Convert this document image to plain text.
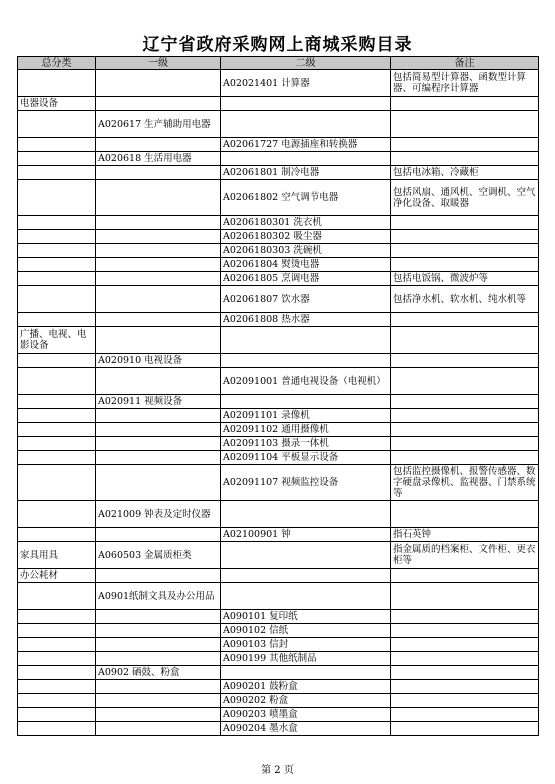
辽宁省政府采购网上商城采购目录
总分类	一级	二级	备注
		A02021401 计算器	包括简易型计算器、函数型计算器、可编程序计算器
电器设备			
	A020617 生产辅助用电器		
		A02061727 电源插座和转换器	
	A020618 生活用电器		
		A02061801 制冷电器	包括电冰箱、冷藏柜
		A02061802 空气调节电器	包括风扇、通风机、空调机、空气净化设备、取暖器
		A0206180301 洗衣机	
		A0206180302 吸尘器	
		A0206180303 洗碗机	
		A02061804 熨烫电器	
		A02061805 烹调电器	包括电饭锅、微波炉等
		A02061807 饮水器	包括净水机、软水机、纯水机等
		A02061808 热水器	
广播、电视、电影设备			
	A020910 电视设备		
		A02091001 普通电视设备（电视机）	
	A020911 视频设备		
		A02091101 录像机	
		A02091102 通用摄像机	
		A02091103 摄录一体机	
		A02091104 平板显示设备	
		A02091107 视频监控设备	包括监控摄像机、报警传感器、数字硬盘录像机、监视器、门禁系统等
	A021009 钟表及定时仪器		
		A02100901 钟	指石英钟
家具用具	A060503 金属质柜类		指金属质的档案柜、文件柜、更衣柜等
办公耗材			
	A0901纸制文具及办公用品		
		A090101 复印纸	
		A090102 信纸	
		A090103 信封	
		A090199 其他纸制品	
	A0902 硒鼓、粉盒		
		A090201 鼓粉盒	
		A090202 粉盒	
		A090203 喷墨盒	
		A090204 墨水盒	
第 2 页
